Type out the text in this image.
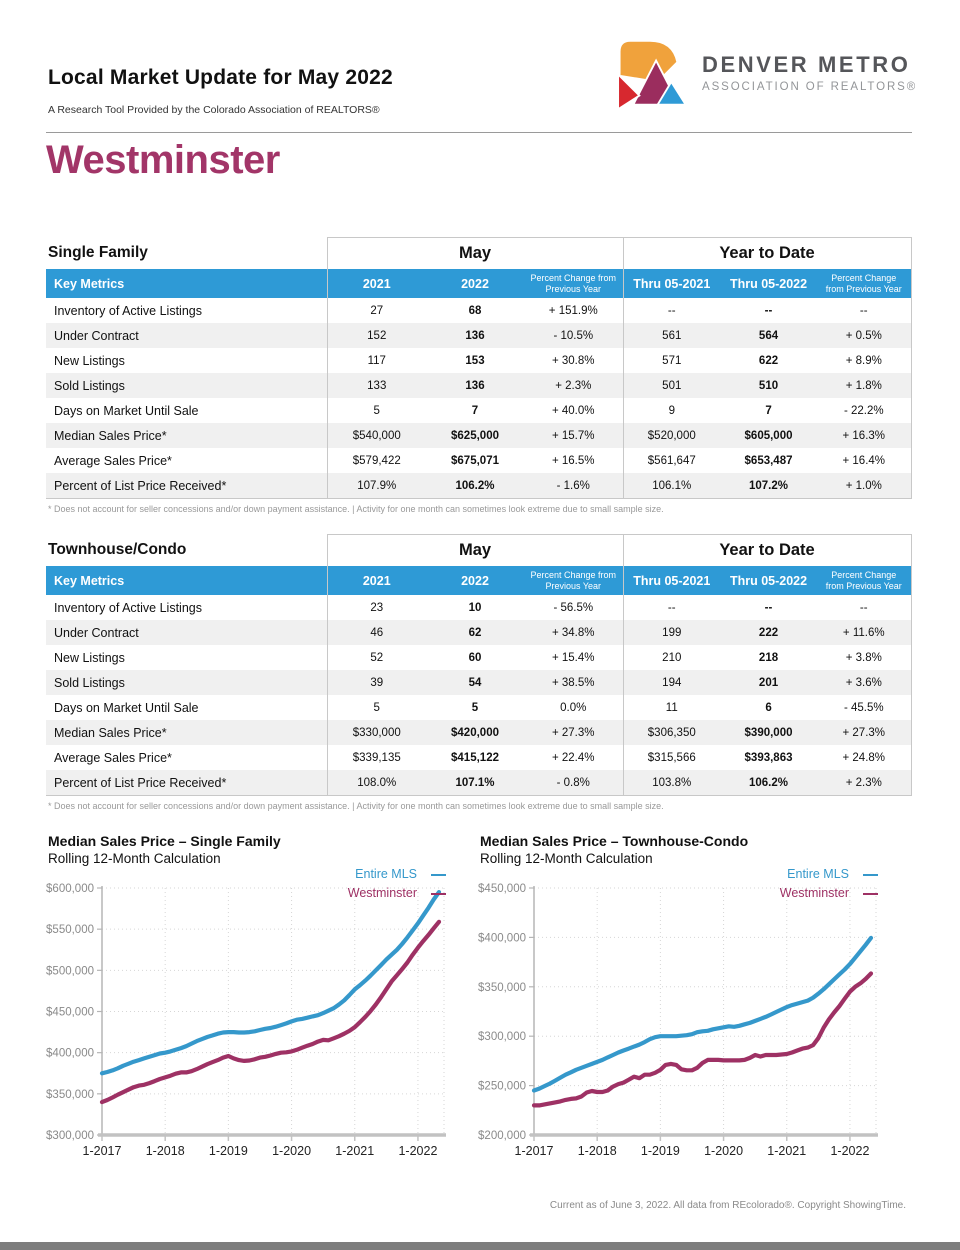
Local Market Update for May 2022
A Research Tool Provided by the Colorado Association of REALTORS®
DENVER METRO
ASSOCIATION OF REALTORS®
Westminster
Single Family	May			Year to Date		
Key Metrics	2021	2022	Percent Change from Previous Year	Thru 05-2021	Thru 05-2022	Percent Change from Previous Year
Inventory of Active Listings	27	68	+ 151.9%	--	--	--
Under Contract	152	136	- 10.5%	561	564	+ 0.5%
New Listings	117	153	+ 30.8%	571	622	+ 8.9%
Sold Listings	133	136	+ 2.3%	501	510	+ 1.8%
Days on Market Until Sale	5	7	+ 40.0%	9	7	- 22.2%
Median Sales Price*	$540,000	$625,000	+ 15.7%	$520,000	$605,000	+ 16.3%
Average Sales Price*	$579,422	$675,071	+ 16.5%	$561,647	$653,487	+ 16.4%
Percent of List Price Received*	107.9%	106.2%	- 1.6%	106.1%	107.2%	+ 1.0%
* Does not account for seller concessions and/or down payment assistance. | Activity for one month can sometimes look extreme due to small sample size.
Townhouse/Condo	May			Year to Date		
Key Metrics	2021	2022	Percent Change from Previous Year	Thru 05-2021	Thru 05-2022	Percent Change from Previous Year
Inventory of Active Listings	23	10	- 56.5%	--	--	--
Under Contract	46	62	+ 34.8%	199	222	+ 11.6%
New Listings	52	60	+ 15.4%	210	218	+ 3.8%
Sold Listings	39	54	+ 38.5%	194	201	+ 3.6%
Days on Market Until Sale	5	5	0.0%	11	6	- 45.5%
Median Sales Price*	$330,000	$420,000	+ 27.3%	$306,350	$390,000	+ 27.3%
Average Sales Price*	$339,135	$415,122	+ 22.4%	$315,566	$393,863	+ 24.8%
Percent of List Price Received*	108.0%	107.1%	- 0.8%	103.8%	106.2%	+ 2.3%
* Does not account for seller concessions and/or down payment assistance. | Activity for one month can sometimes look extreme due to small sample size.
Median Sales Price – Single Family
Rolling 12-Month Calculation
Entire MLS
Westminster
$600,000
$550,000
$500,000
$450,000
$400,000
$350,000
$300,000
1-2017 1-2018 1-2019 1-2020 1-2021 1-2022
Median Sales Price – Townhouse-Condo
Rolling 12-Month Calculation
Entire MLS
Westminster
$450,000
$400,000
$350,000
$300,000
$250,000
$200,000
1-2017 1-2018 1-2019 1-2020 1-2021 1-2022
Current as of June 3, 2022. All data from REcolorado®. Copyright ShowingTime.
